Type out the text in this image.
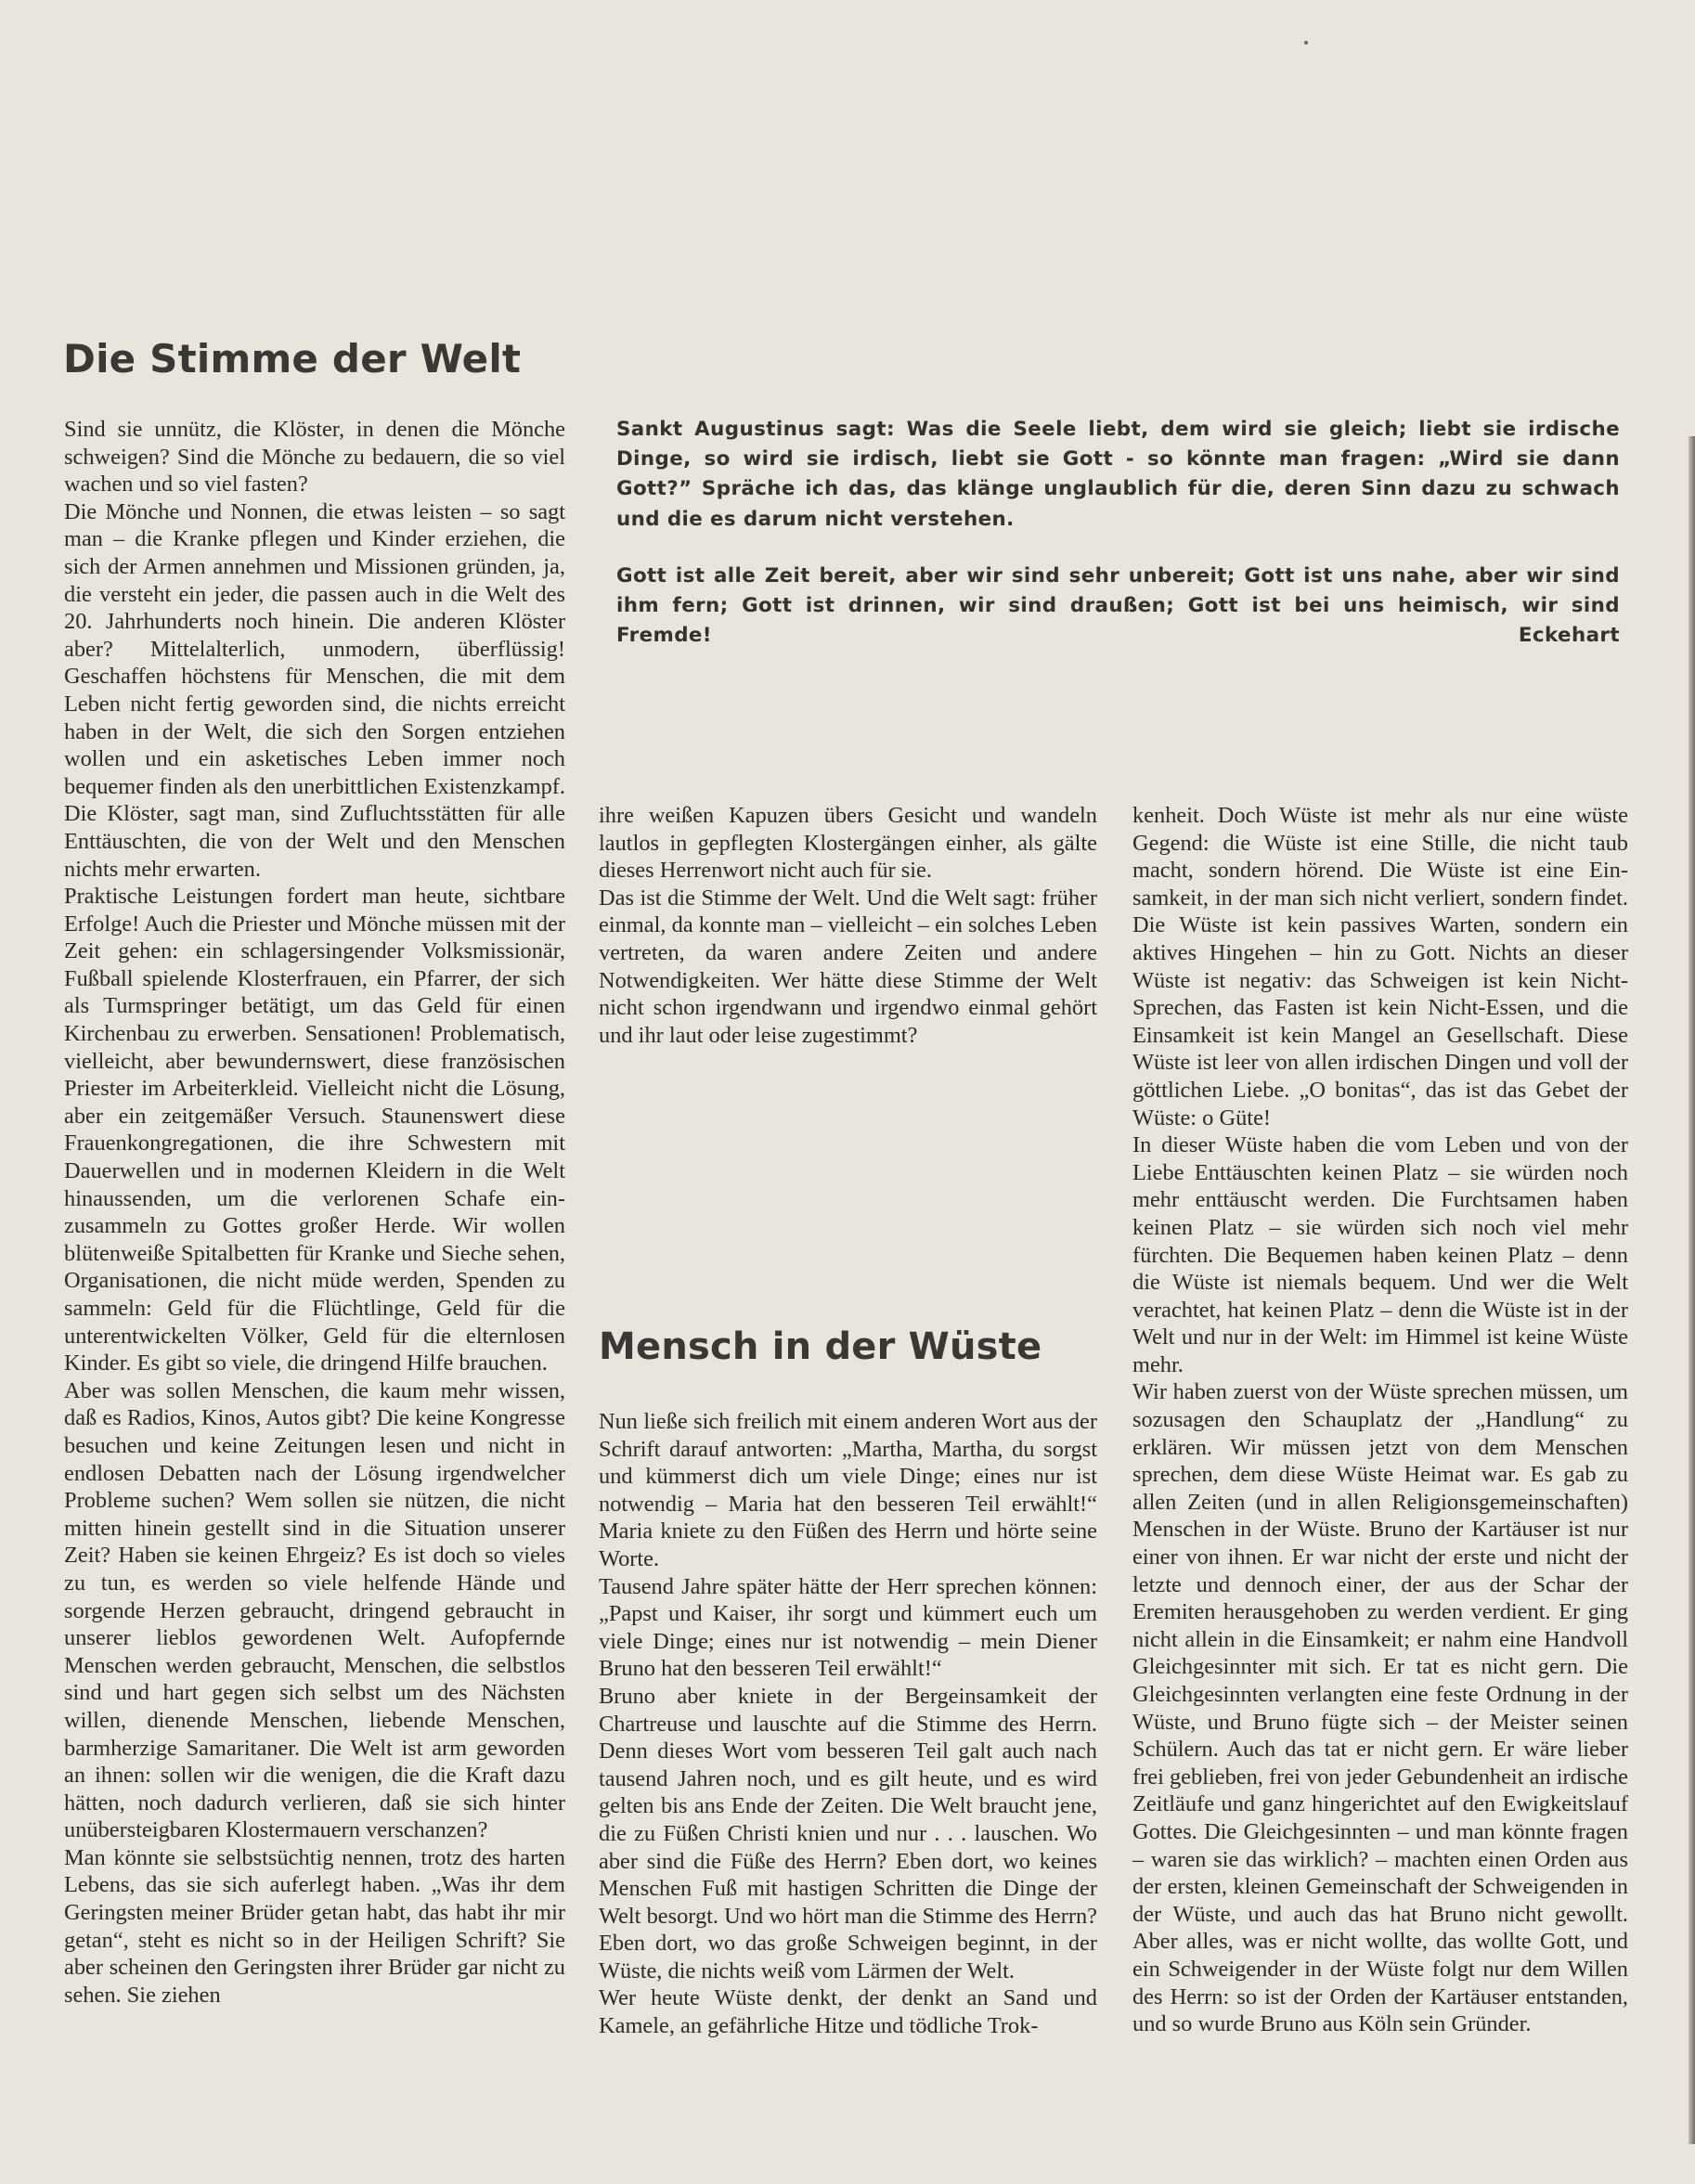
Die Stimme der Welt

Sankt Augustinus sagt: Was die Seele liebt, dem wird sie gleich; liebt sie irdische Dinge, so wird sie irdisch, liebt sie Gott - so könnte man fragen: „Wird sie dann Gott?” Spräche ich das, das klänge unglaublich für die, deren Sinn dazu zu schwach und die es darum nicht verstehen.

Gott ist alle Zeit bereit, aber wir sind sehr unbereit; Gott ist uns nahe, aber wir sind ihm fern; Gott ist drinnen, wir sind draußen; Gott ist bei uns heimisch, wir sind Fremde!	Eckehart

Sind sie unnütz, die Klöster, in denen die Mönche schweigen? Sind die Mönche zu bedauern, die so viel wachen und so viel fasten?

Die Mönche und Nonnen, die etwas leisten – so sagt man – die Kranke pflegen und Kinder erziehen, die sich der Armen annehmen und Missionen gründen, ja, die versteht ein jeder, die passen auch in die Welt des 20. Jahrhunderts noch hinein. Die anderen Klöster aber? Mittelalterlich, unmodern, überflüssig! Geschaffen höchstens für Menschen, die mit dem Leben nicht fertig geworden sind, die nichts erreicht haben in der Welt, die sich den Sorgen entziehen wollen und ein asketisches Leben immer noch bequemer finden als den unerbittlichen Existenzkampf. Die Klöster, sagt man, sind Zufluchtsstätten für alle Enttäuschten, die von der Welt und den Menschen nichts mehr erwarten.

Praktische Leistungen fordert man heute, sichtbare Erfolge! Auch die Priester und Mönche müssen mit der Zeit gehen: ein schlagersingender Volksmissionär, Fußball spielende Klosterfrauen, ein Pfarrer, der sich als Turmspringer betätigt, um das Geld für einen Kirchenbau zu erwerben. Sensationen! Problematisch, vielleicht, aber bewundernswert, diese französischen Priester im Arbeiterkleid. Vielleicht nicht die Lösung, aber ein zeitgemäßer Versuch. Staunenswert diese Frauenkongregationen, die ihre Schwestern mit Dauerwellen und in modernen Kleidern in die Welt hinaussenden, um die verlorenen Schafe einzusammeln zu Gottes großer Herde. Wir wollen blütenweiße Spitalbetten für Kranke und Sieche sehen, Organisationen, die nicht müde werden, Spenden zu sammeln: Geld für die Flüchtlinge, Geld für die unterentwickelten Völker, Geld für die elternlosen Kinder. Es gibt so viele, die dringend Hilfe brauchen.

Aber was sollen Menschen, die kaum mehr wissen, daß es Radios, Kinos, Autos gibt? Die keine Kongresse besuchen und keine Zeitungen lesen und nicht in endlosen Debatten nach der Lösung irgendwelcher Probleme suchen? Wem sollen sie nützen, die nicht mitten hinein gestellt sind in die Situation unserer Zeit? Haben sie keinen Ehrgeiz? Es ist doch so vieles zu tun, es werden so viele helfende Hände und sorgende Herzen gebraucht, dringend gebraucht in unserer lieblos gewordenen Welt. Aufopfernde Menschen werden gebraucht, Menschen, die selbstlos sind und hart gegen sich selbst um des Nächsten willen, dienende Menschen, liebende Menschen, barmherzige Samaritaner. Die Welt ist arm geworden an ihnen: sollen wir die wenigen, die die Kraft dazu hätten, noch dadurch verlieren, daß sie sich hinter unübersteigbaren Klostermauern verschanzen?

Man könnte sie selbstsüchtig nennen, trotz des harten Lebens, das sie sich auferlegt haben. „Was ihr dem Geringsten meiner Brüder getan habt, das habt ihr mir getan“, steht es nicht so in der Heiligen Schrift? Sie aber scheinen den Geringsten ihrer Brüder gar nicht zu sehen. Sie ziehen

ihre weißen Kapuzen übers Gesicht und wandeln lautlos in gepflegten Klostergängen einher, als gälte dieses Herrenwort nicht auch für sie.

Das ist die Stimme der Welt. Und die Welt sagt: früher einmal, da konnte man – vielleicht – ein solches Leben vertreten, da waren andere Zeiten und andere Notwendigkeiten. Wer hätte diese Stimme der Welt nicht schon irgendwann und irgendwo einmal gehört und ihr laut oder leise zugestimmt?

Mensch in der Wüste

Nun ließe sich freilich mit einem anderen Wort aus der Schrift darauf antworten: „Martha, Martha, du sorgst und kümmerst dich um viele Dinge; eines nur ist notwendig – Maria hat den besseren Teil erwählt!“ Maria kniete zu den Füßen des Herrn und hörte seine Worte.

Tausend Jahre später hätte der Herr sprechen können: „Papst und Kaiser, ihr sorgt und kümmert euch um viele Dinge; eines nur ist notwendig – mein Diener Bruno hat den besseren Teil erwählt!“

Bruno aber kniete in der Bergeinsamkeit der Chartreuse und lauschte auf die Stimme des Herrn. Denn dieses Wort vom besseren Teil galt auch nach tausend Jahren noch, und es gilt heute, und es wird gelten bis ans Ende der Zeiten. Die Welt braucht jene, die zu Füßen Christi knien und nur . . . lauschen. Wo aber sind die Füße des Herrn? Eben dort, wo keines Menschen Fuß mit hastigen Schritten die Dinge der Welt besorgt. Und wo hört man die Stimme des Herrn? Eben dort, wo das große Schweigen beginnt, in der Wüste, die nichts weiß vom Lärmen der Welt.

Wer heute Wüste denkt, der denkt an Sand und Kamele, an gefährliche Hitze und tödliche Trok-

kenheit. Doch Wüste ist mehr als nur eine wüste Gegend: die Wüste ist eine Stille, die nicht taub macht, sondern hörend. Die Wüste ist eine Einsamkeit, in der man sich nicht verliert, sondern findet. Die Wüste ist kein passives Warten, sondern ein aktives Hingehen – hin zu Gott. Nichts an dieser Wüste ist negativ: das Schweigen ist kein Nicht-Sprechen, das Fasten ist kein Nicht-Essen, und die Einsamkeit ist kein Mangel an Gesellschaft. Diese Wüste ist leer von allen irdischen Dingen und voll der göttlichen Liebe. „O bonitas“, das ist das Gebet der Wüste: o Güte!

In dieser Wüste haben die vom Leben und von der Liebe Enttäuschten keinen Platz – sie würden noch mehr enttäuscht werden. Die Furchtsamen haben keinen Platz – sie würden sich noch viel mehr fürchten. Die Bequemen haben keinen Platz – denn die Wüste ist niemals bequem. Und wer die Welt verachtet, hat keinen Platz – denn die Wüste ist in der Welt und nur in der Welt: im Himmel ist keine Wüste mehr.

Wir haben zuerst von der Wüste sprechen müssen, um sozusagen den Schauplatz der „Handlung“ zu erklären. Wir müssen jetzt von dem Menschen sprechen, dem diese Wüste Heimat war. Es gab zu allen Zeiten (und in allen Religionsgemeinschaften) Menschen in der Wüste. Bruno der Kartäuser ist nur einer von ihnen. Er war nicht der erste und nicht der letzte und dennoch einer, der aus der Schar der Eremiten herausgehoben zu werden verdient. Er ging nicht allein in die Einsamkeit; er nahm eine Handvoll Gleichgesinnter mit sich. Er tat es nicht gern. Die Gleichgesinnten verlangten eine feste Ordnung in der Wüste, und Bruno fügte sich – der Meister seinen Schülern. Auch das tat er nicht gern. Er wäre lieber frei geblieben, frei von jeder Gebundenheit an irdische Zeitläufe und ganz hingerichtet auf den Ewigkeitslauf Gottes. Die Gleichgesinnten – und man könnte fragen – waren sie das wirklich? – machten einen Orden aus der ersten, kleinen Gemeinschaft der Schweigenden in der Wüste, und auch das hat Bruno nicht gewollt. Aber alles, was er nicht wollte, das wollte Gott, und ein Schweigender in der Wüste folgt nur dem Willen des Herrn: so ist der Orden der Kartäuser entstanden, und so wurde Bruno aus Köln sein Gründer.
